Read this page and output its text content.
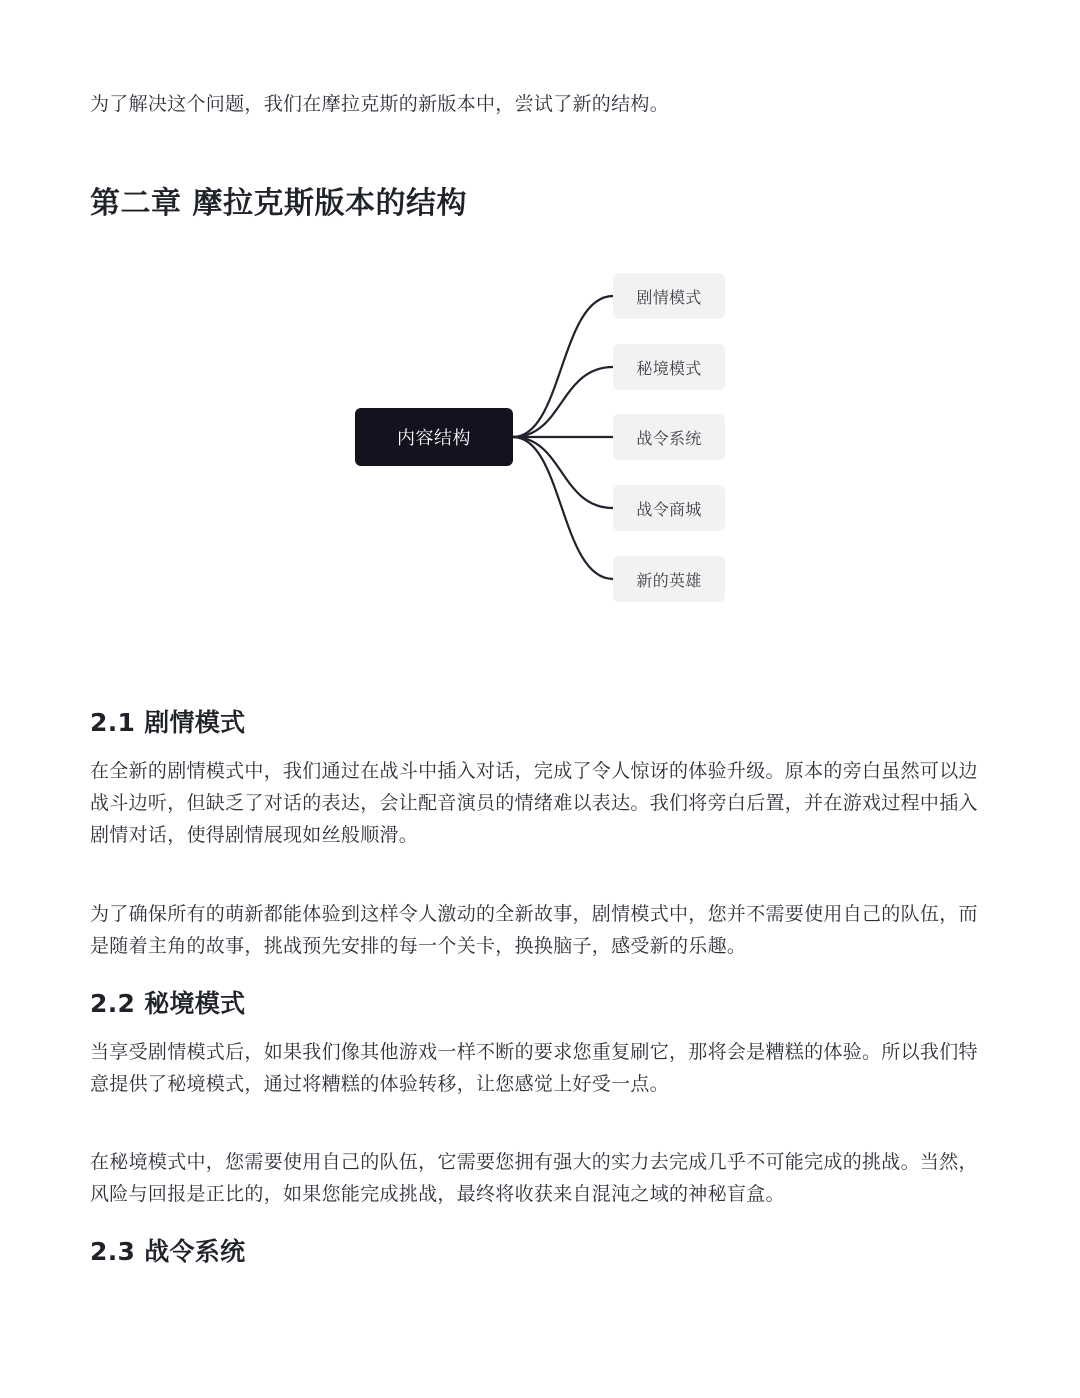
为了解决这个问题，我们在摩拉克斯的新版本中，尝试了新的结构。

第二章 摩拉克斯版本的结构
内容结构
剧情模式
秘境模式
战令系统
战令商城
新的英雄
2.1 剧情模式

在全新的剧情模式中，我们通过在战斗中插入对话，完成了令人惊讶的体验升级。原本的旁白虽然可以边战斗边听，但缺乏了对话的表达，会让配音演员的情绪难以表达。我们将旁白后置，并在游戏过程中插入剧情对话，使得剧情展现如丝般顺滑。

为了确保所有的萌新都能体验到这样令人激动的全新故事，剧情模式中，您并不需要使用自己的队伍，而是随着主角的故事，挑战预先安排的每一个关卡，换换脑子，感受新的乐趣。

2.2 秘境模式

当享受剧情模式后，如果我们像其他游戏一样不断的要求您重复刷它，那将会是糟糕的体验。所以我们特意提供了秘境模式，通过将糟糕的体验转移，让您感觉上好受一点。

在秘境模式中，您需要使用自己的队伍，它需要您拥有强大的实力去完成几乎不可能完成的挑战。当然，风险与回报是正比的，如果您能完成挑战，最终将收获来自混沌之域的神秘盲盒。

2.3 战令系统
